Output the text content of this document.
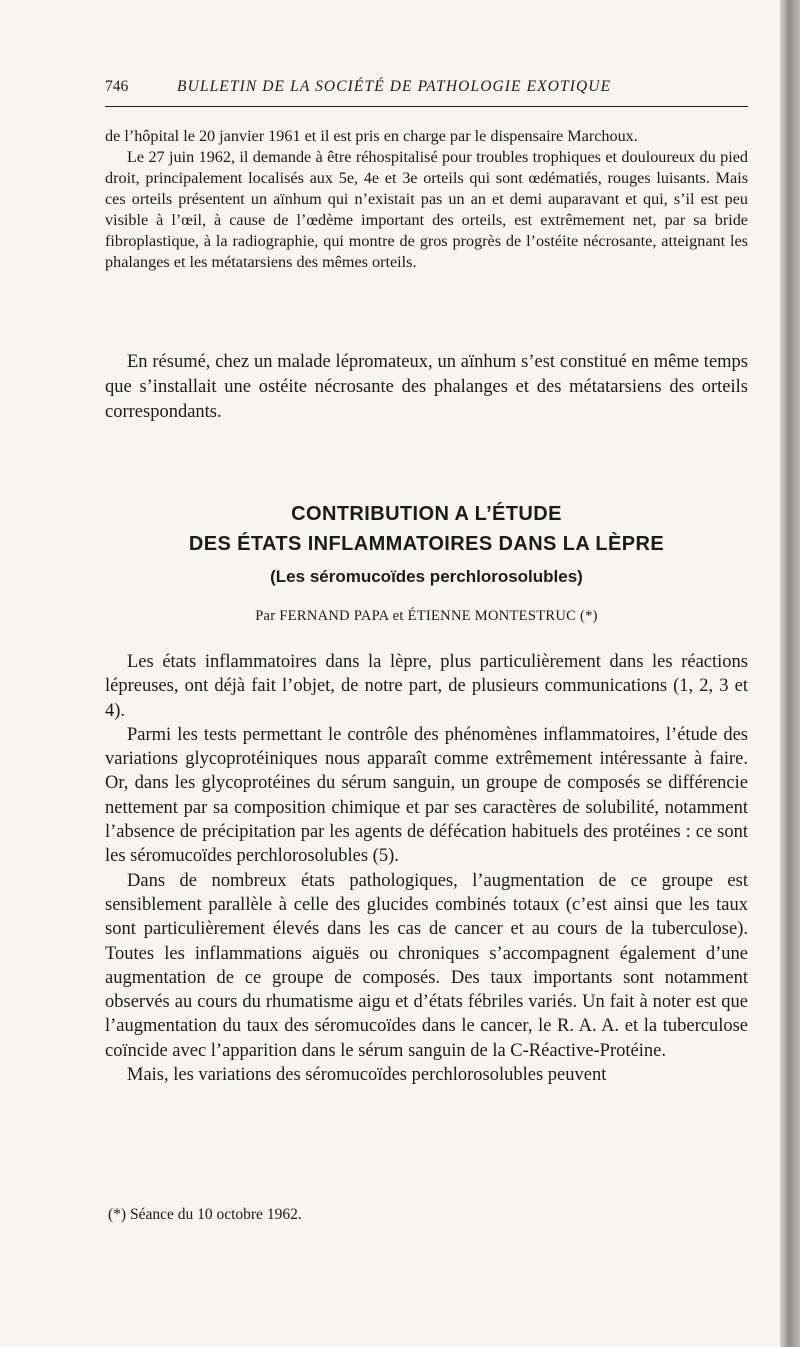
746	BULLETIN DE LA SOCIÉTÉ DE PATHOLOGIE EXOTIQUE

de l’hôpital le 20 janvier 1961 et il est pris en charge par le dispensaire Marchoux.

Le 27 juin 1962, il demande à être réhospitalisé pour troubles trophiques et douloureux du pied droit, principalement localisés aux 5e, 4e et 3e orteils qui sont œdématiés, rouges luisants. Mais ces orteils présentent un aïnhum qui n’existait pas un an et demi auparavant et qui, s’il est peu visible à l’œil, à cause de l’œdème important des orteils, est extrêmement net, par sa bride fibroplastique, à la radiographie, qui montre de gros progrès de l’ostéite nécrosante, atteignant les phalanges et les métatarsiens des mêmes orteils.

En résumé, chez un malade lépromateux, un aïnhum s’est constitué en même temps que s’installait une ostéite nécrosante des phalanges et des métatarsiens des orteils correspondants.

CONTRIBUTION A L’ÉTUDE
DES ÉTATS INFLAMMATOIRES DANS LA LÈPRE
(Les séromucoïdes perchlorosolubles)
Par FERNAND PAPA et ÉTIENNE MONTESTRUC (*)

Les états inflammatoires dans la lèpre, plus particulièrement dans les réactions lépreuses, ont déjà fait l’objet, de notre part, de plusieurs communications (1, 2, 3 et 4).

Parmi les tests permettant le contrôle des phénomènes inflammatoires, l’étude des variations glycoprotéiniques nous apparaît comme extrêmement intéressante à faire. Or, dans les glycoprotéines du sérum sanguin, un groupe de composés se différencie nettement par sa composition chimique et par ses caractères de solubilité, notamment l’absence de précipitation par les agents de défécation habituels des protéines : ce sont les séromucoïdes perchlorosolubles (5).

Dans de nombreux états pathologiques, l’augmentation de ce groupe est sensiblement parallèle à celle des glucides combinés totaux (c’est ainsi que les taux sont particulièrement élevés dans les cas de cancer et au cours de la tuberculose). Toutes les inflammations aiguës ou chroniques s’accompagnent également d’une augmentation de ce groupe de composés. Des taux importants sont notamment observés au cours du rhumatisme aigu et d’états fébriles variés. Un fait à noter est que l’augmentation du taux des séromucoïdes dans le cancer, le R. A. A. et la tuberculose coïncide avec l’apparition dans le sérum sanguin de la C-Réactive-Protéine.

Mais, les variations des séromucoïdes perchlorosolubles peuvent

(*) Séance du 10 octobre 1962.
